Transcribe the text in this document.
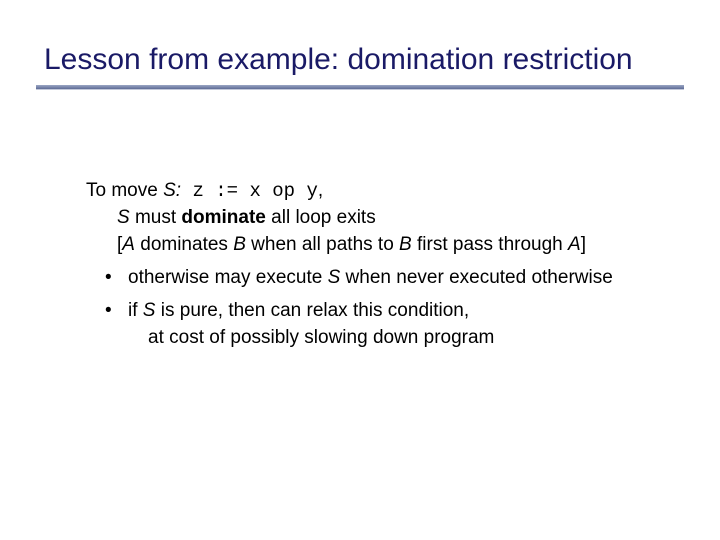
Lesson from example: domination restriction
To move S: z := x op y,
S must dominate all loop exits
[A dominates B when all paths to B first pass through A]
• otherwise may execute S when never executed otherwise
• if S is pure, then can relax this condition,
at cost of possibly slowing down program
